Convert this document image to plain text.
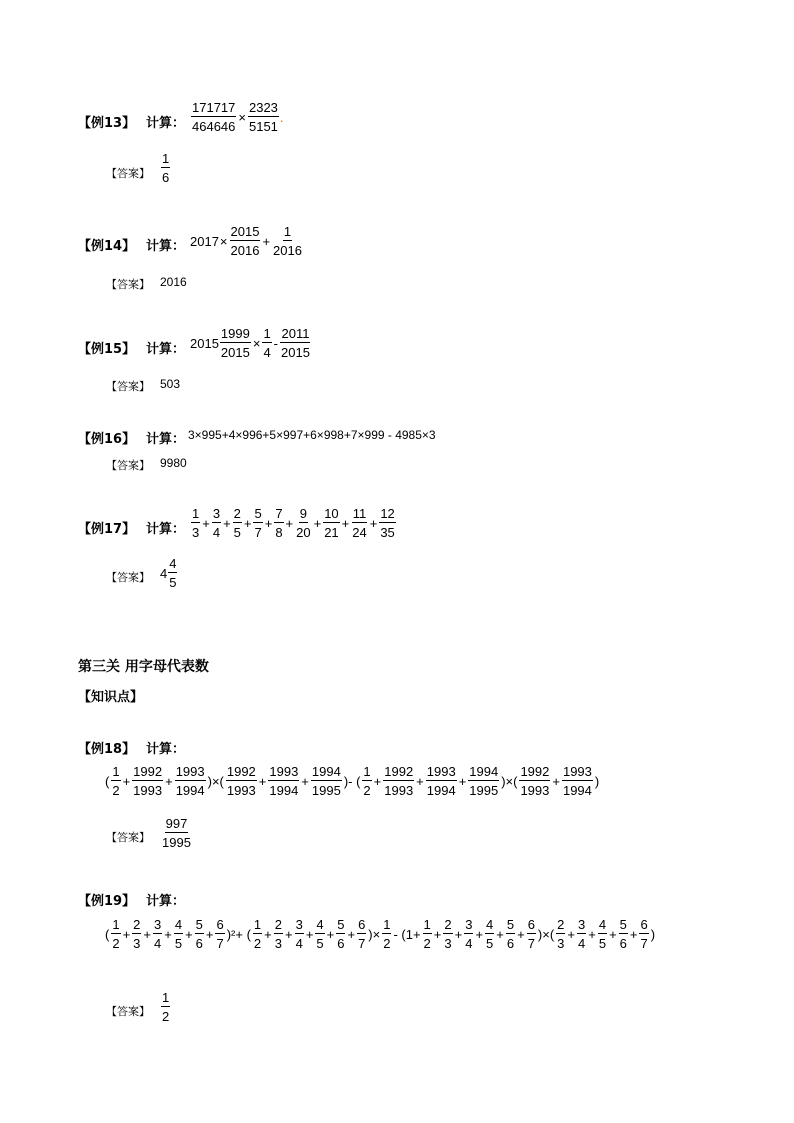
【例13】 计算： $\frac{171717}{464646} \times \frac{2323}{5151}$ .
【答案】 $\frac{1}{6}$
【例14】 计算： $2017 \times \frac{2015}{2016} + \frac{1}{2016}$
【答案】 2016
【例15】 计算： $2015 \frac{1999}{2015} \times \frac{1}{4} - \frac{2011}{2015}$
【答案】 503
【例16】 计算： 3×995+4×996+5×997+6×998+7×999 - 4985×3
【答案】 9980
【例17】 计算： $\frac{1}{3} + \frac{3}{4} + \frac{2}{5} + \frac{5}{7} + \frac{7}{8} + \frac{9}{20} + \frac{10}{21} + \frac{11}{24} + \frac{12}{35}$
【答案】 $4 \frac{4}{5}$
第三关 用字母代表数
【知识点】
【例18】 计算：
( $\frac{1}{2} + \frac{1992}{1993} + \frac{1993}{1994}$ )×( $\frac{1992}{1993} + \frac{1993}{1994} + \frac{1994}{1995}$ )- ( $\frac{1}{2} + \frac{1992}{1993} + \frac{1993}{1994} + \frac{1994}{1995}$ )×( $\frac{1992}{1993} + \frac{1993}{1994}$ )
【答案】 $\frac{997}{1995}$
【例19】 计算：
( $\frac{1}{2} + \frac{2}{3} + \frac{3}{4} + \frac{4}{5} + \frac{5}{6} + \frac{6}{7} )^2+$ ( $\frac{1}{2} + \frac{2}{3} + \frac{3}{4} + \frac{4}{5} + \frac{5}{6} + \frac{6}{7}$ )× $\frac{1}{2} - (1+ \frac{1}{2} + \frac{2}{3} + \frac{3}{4} + \frac{4}{5} + \frac{5}{6} + \frac{6}{7}$ )×( $\frac{2}{3} + \frac{3}{4} + \frac{4}{5} + \frac{5}{6} + \frac{6}{7}$ )
【答案】 $\frac{1}{2}$
